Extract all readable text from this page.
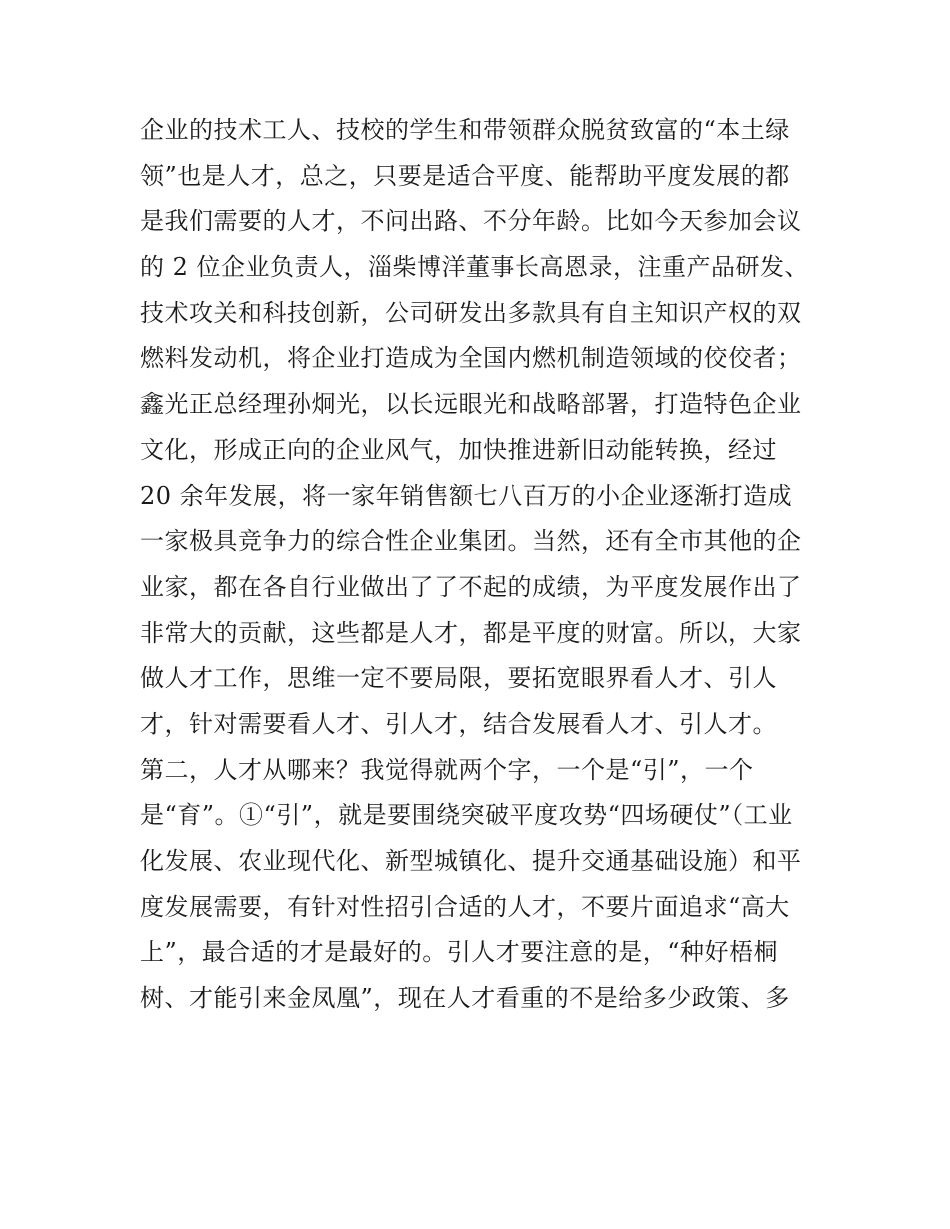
企业的技术工人、技校的学生和带领群众脱贫致富的“本土绿
领”也是人才，总之，只要是适合平度、能帮助平度发展的都
是我们需要的人才，不问出路、不分年龄。比如今天参加会议
的 2 位企业负责人，淄柴博洋董事长高恩录，注重产品研发、
技术攻关和科技创新，公司研发出多款具有自主知识产权的双
燃料发动机，将企业打造成为全国内燃机制造领域的佼佼者；
鑫光正总经理孙炯光，以长远眼光和战略部署，打造特色企业
文化，形成正向的企业风气，加快推进新旧动能转换，经过
20 余年发展，将一家年销售额七八百万的小企业逐渐打造成
一家极具竞争力的综合性企业集团。当然，还有全市其他的企
业家，都在各自行业做出了了不起的成绩，为平度发展作出了
非常大的贡献，这些都是人才，都是平度的财富。所以，大家
做人才工作，思维一定不要局限，要拓宽眼界看人才、引人
才，针对需要看人才、引人才，结合发展看人才、引人才。
第二，人才从哪来？我觉得就两个字，一个是“引”，一个
是“育”。①“引”，就是要围绕突破平度攻势“四场硬仗”（工业
化发展、农业现代化、新型城镇化、提升交通基础设施）和平
度发展需要，有针对性招引合适的人才，不要片面追求“高大
上”，最合适的才是最好的。引人才要注意的是，“种好梧桐
树、才能引来金凤凰”，现在人才看重的不是给多少政策、多
